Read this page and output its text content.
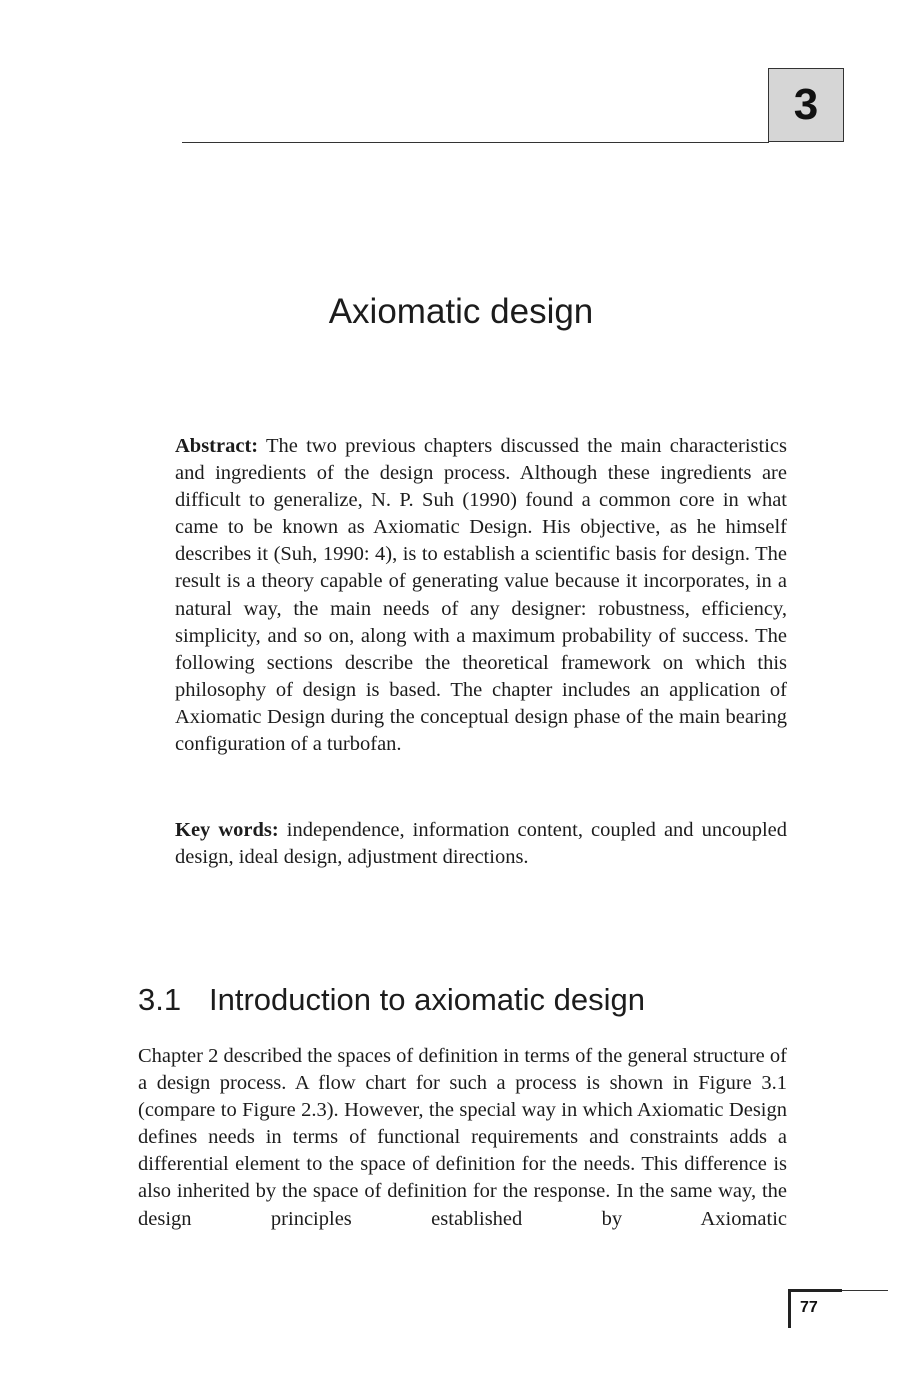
3
Axiomatic design

Abstract: The two previous chapters discussed the main characteristics and ingredients of the design process. Although these ingredients are difficult to generalize, N. P. Suh (1990) found a common core in what came to be known as Axiomatic Design. His objective, as he himself describes it (Suh, 1990: 4), is to establish a scientific basis for design. The result is a theory capable of generating value because it incorporates, in a natural way, the main needs of any designer: robustness, efficiency, simplicity, and so on, along with a maximum probability of success. The following sections describe the theoretical framework on which this philosophy of design is based. The chapter includes an application of Axiomatic Design during the conceptual design phase of the main bearing configuration of a turbofan.

Key words: independence, information content, coupled and uncoupled design, ideal design, adjustment directions.

3.1 Introduction to axiomatic design

Chapter 2 described the spaces of definition in terms of the general structure of a design process. A flow chart for such a process is shown in Figure 3.1 (compare to Figure 2.3). However, the special way in which Axiomatic Design defines needs in terms of functional requirements and constraints adds a differential element to the space of definition for the needs. This difference is also inherited by the space of definition for the response. In the same way, the design principles established by Axiomatic

77
